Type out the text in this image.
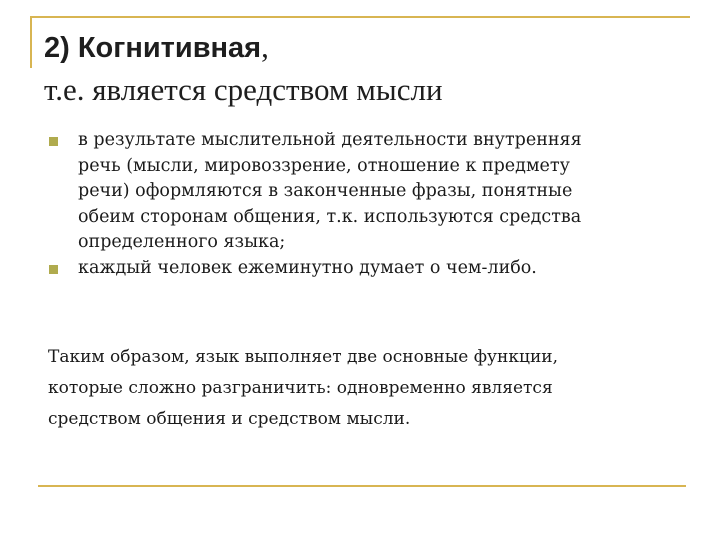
2) Когнитивная,
т.е. является средством мысли
в результате мыслительной деятельности внутренняя
речь (мысли, мировоззрение, отношение к предмету
речи) оформляются в законченные фразы, понятные
обеим сторонам общения, т.к. используются средства
определенного языка;
каждый человек ежеминутно думает о чем-либо.
Таким образом, язык выполняет две основные функции,
которые сложно разграничить: одновременно является
средством общения и средством мысли.
